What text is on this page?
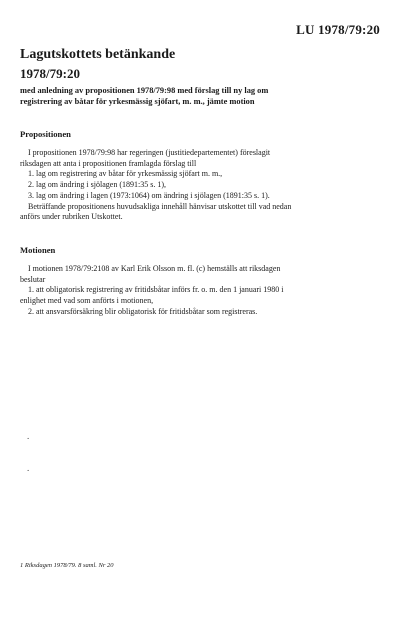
LU 1978/79:20
Lagutskottets betänkande
1978/79:20
med anledning av propositionen 1978/79:98 med förslag till ny lag om registrering av båtar för yrkesmässig sjöfart, m. m., jämte motion
Propositionen

I propositionen 1978/79:98 har regeringen (justitiedepartementet) föreslagit riksdagen att anta i propositionen framlagda förslag till

1. lag om registrering av båtar för yrkesmässig sjöfart m. m.,

2. lag om ändring i sjölagen (1891:35 s. 1),

3. lag om ändring i lagen (1973:1064) om ändring i sjölagen (1891:35 s. 1).

Beträffande propositionens huvudsakliga innehåll hänvisar utskottet till vad nedan anförs under rubriken Utskottet.

Motionen

I motionen 1978/79:2108 av Karl Erik Olsson m. fl. (c) hemställs att riksdagen beslutar

1. att obligatorisk registrering av fritidsbåtar införs fr. o. m. den 1 januari 1980 i enlighet med vad som anförts i motionen,

2. att ansvarsförsäkring blir obligatorisk för fritidsbåtar som registreras.

.
.
1 Riksdagen 1978/79. 8 saml. Nr 20
